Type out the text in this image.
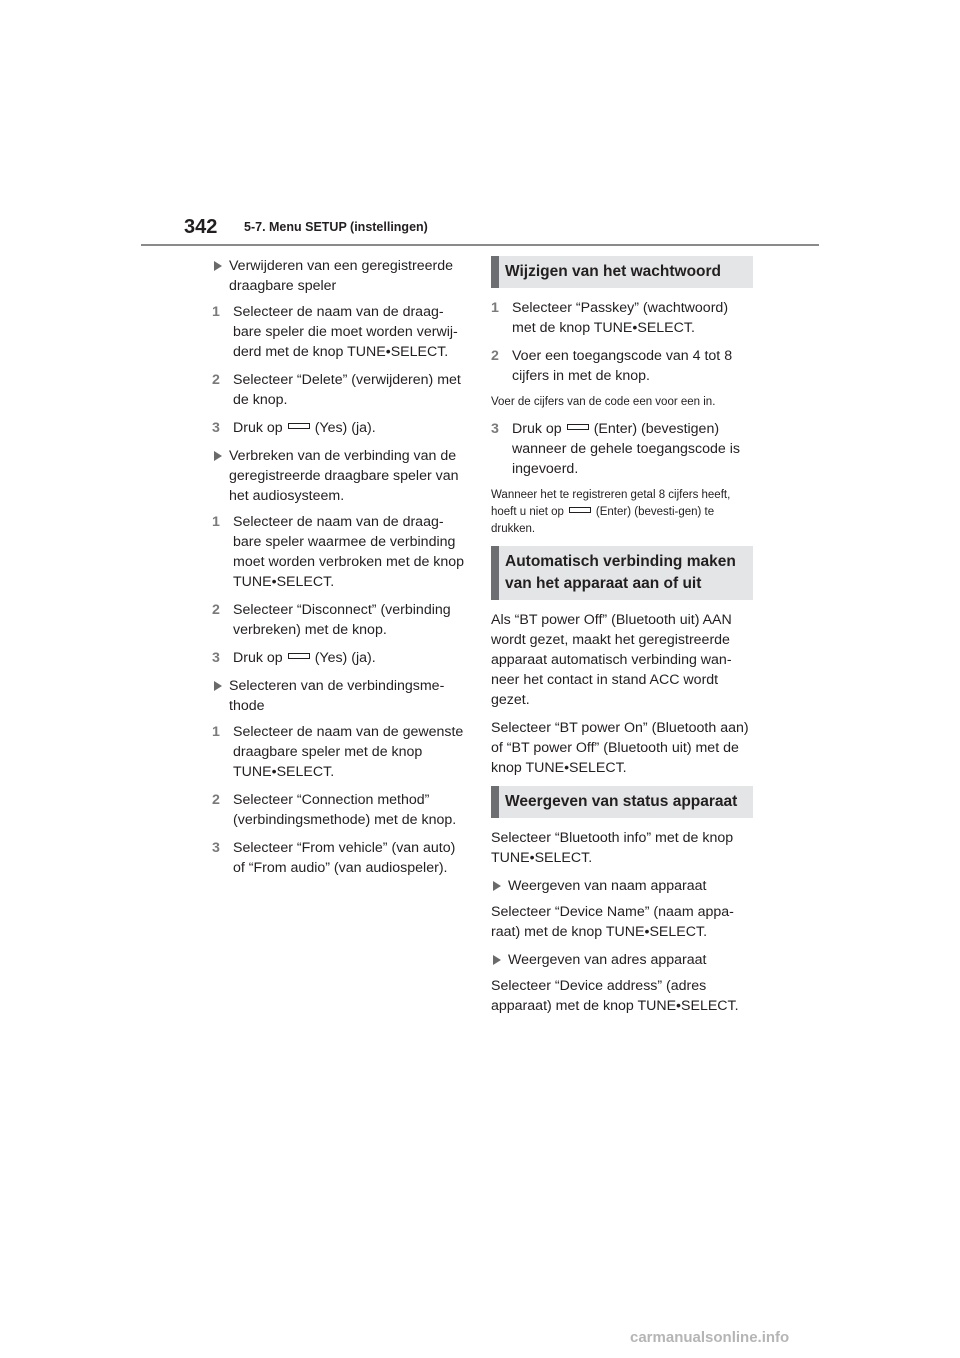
342 5-7. Menu SETUP (instellingen)
Verwijderen van een geregistreerde draagbare speler
1 Selecteer de naam van de draag-bare speler die moet worden verwij-derd met de knop TUNE•SELECT.
2 Selecteer “Delete” (verwijderen) met de knop.
3 Druk op (Yes) (ja).
Verbreken van de verbinding van de geregistreerde draagbare speler van het audiosysteem.
1 Selecteer de naam van de draag-bare speler waarmee de verbinding moet worden verbroken met de knop TUNE•SELECT.
2 Selecteer “Disconnect” (verbinding verbreken) met de knop.
3 Druk op (Yes) (ja).
Selecteren van de verbindingsme-thode
1 Selecteer de naam van de gewenste draagbare speler met de knop TUNE•SELECT.
2 Selecteer “Connection method” (verbindingsmethode) met de knop.
3 Selecteer “From vehicle” (van auto) of “From audio” (van audiospeler).
Wijzigen van het wachtwoord
1 Selecteer “Passkey” (wachtwoord) met de knop TUNE•SELECT.
2 Voer een toegangscode van 4 tot 8 cijfers in met de knop.
Voer de cijfers van de code een voor een in.
3 Druk op (Enter) (bevestigen) wanneer de gehele toegangscode is ingevoerd.
Wanneer het te registreren getal 8 cijfers heeft, hoeft u niet op	(Enter) (bevesti-gen) te drukken.
Automatisch verbinding maken van het apparaat aan of uit
Als “BT power Off” (Bluetooth uit) AAN wordt gezet, maakt het geregistreerde apparaat automatisch verbinding wan-neer het contact in stand ACC wordt gezet.
Selecteer “BT power On” (Bluetooth aan) of “BT power Off” (Bluetooth uit) met de knop TUNE•SELECT.
Weergeven van status apparaat
Selecteer “Bluetooth info” met de knop TUNE•SELECT.
Weergeven van naam apparaat
Selecteer “Device Name” (naam appa-raat) met de knop TUNE•SELECT.
Weergeven van adres apparaat
Selecteer “Device address” (adres apparaat) met de knop TUNE•SELECT.
carmanualsonline.info
